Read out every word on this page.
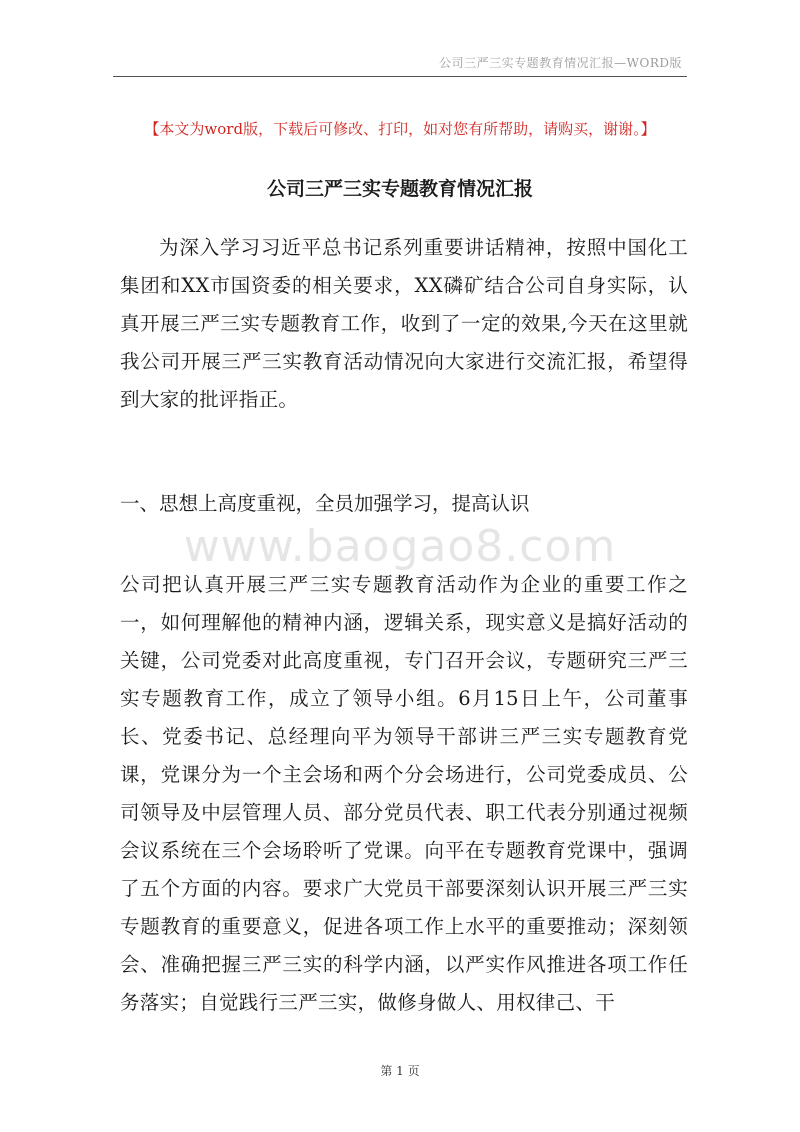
公司三严三实专题教育情况汇报—WORD版
【本文为word版，下载后可修改、打印，如对您有所帮助，请购买，谢谢。】
公司三严三实专题教育情况汇报

为深入学习习近平总书记系列重要讲话精神，按照中国化工集团和XX市国资委的相关要求，XX磷矿结合公司自身实际，认真开展三严三实专题教育工作，收到了一定的效果,今天在这里就我公司开展三严三实教育活动情况向大家进行交流汇报，希望得到大家的批评指正。

一、思想上高度重视，全员加强学习，提高认识

www.baogao8.com

公司把认真开展三严三实专题教育活动作为企业的重要工作之一，如何理解他的精神内涵，逻辑关系，现实意义是搞好活动的关键，公司党委对此高度重视，专门召开会议，专题研究三严三实专题教育工作，成立了领导小组。6月15日上午，公司董事长、党委书记、总经理向平为领导干部讲三严三实专题教育党课，党课分为一个主会场和两个分会场进行，公司党委成员、公司领导及中层管理人员、部分党员代表、职工代表分别通过视频会议系统在三个会场聆听了党课。向平在专题教育党课中，强调了五个方面的内容。要求广大党员干部要深刻认识开展三严三实专题教育的重要意义，促进各项工作上水平的重要推动；深刻领会、准确把握三严三实的科学内涵，以严实作风推进各项工作任务落实；自觉践行三严三实，做修身做人、用权律己、干

第 1 页
